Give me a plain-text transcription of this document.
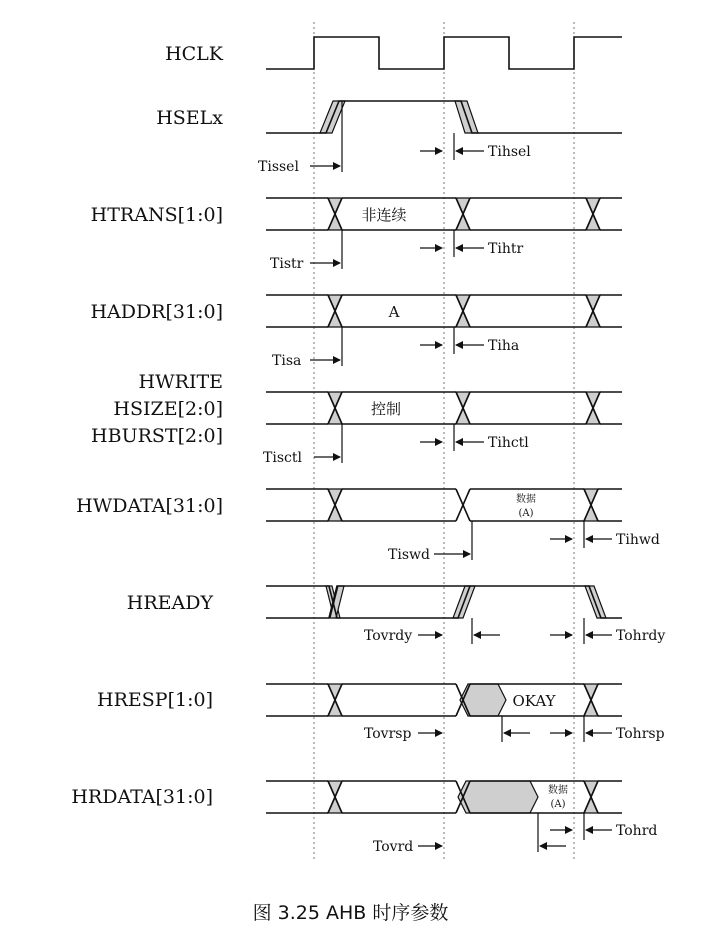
HCLK
HSELx
HTRANS[1:0]
HADDR[31:0]
HWRITE
HSIZE[2:0]
HBURST[2:0]
HWDATA[31:0]
HREADY
HRESP[1:0]
HRDATA[31:0]
Tissel
Tihsel
非连续
Tistr
Tihtr
A
Tisa
Tiha
控制
Tisctl
Tihctl
数据
(A)
Tiswd
Tihwd
Tovrdy	Tohrdy
OKAY
Tovrsp	Tohrsp
数据
(A)
Tovrd
Tohrd
图 3.25 AHB 时序参数
